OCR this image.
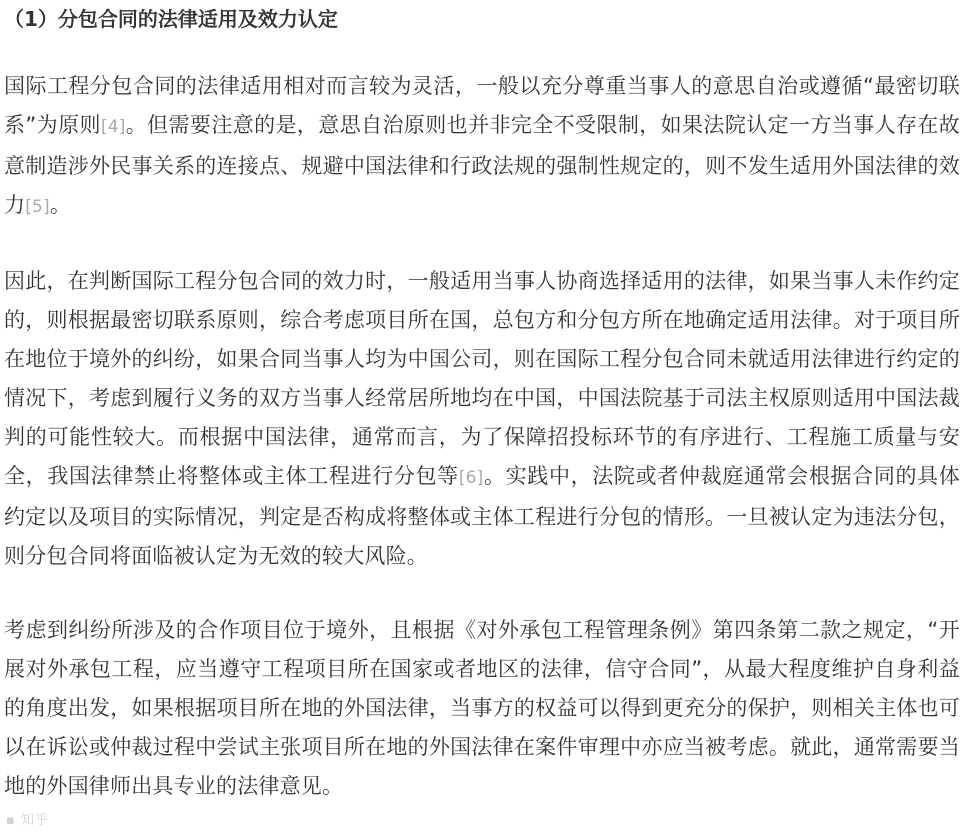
（1）分包合同的法律适用及效力认定

国际工程分包合同的法律适用相对而言较为灵活，一般以充分尊重当事人的意思自治或遵循“最密切联系”为原则[4]。但需要注意的是，意思自治原则也并非完全不受限制，如果法院认定一方当事人存在故意制造涉外民事关系的连接点、规避中国法律和行政法规的强制性规定的，则不发生适用外国法律的效力[5]。

因此，在判断国际工程分包合同的效力时，一般适用当事人协商选择适用的法律，如果当事人未作约定的，则根据最密切联系原则，综合考虑项目所在国，总包方和分包方所在地确定适用法律。对于项目所在地位于境外的纠纷，如果合同当事人均为中国公司，则在国际工程分包合同未就适用法律进行约定的情况下，考虑到履行义务的双方当事人经常居所地均在中国，中国法院基于司法主权原则适用中国法裁判的可能性较大。而根据中国法律，通常而言，为了保障招投标环节的有序进行、工程施工质量与安全，我国法律禁止将整体或主体工程进行分包等[6]。实践中，法院或者仲裁庭通常会根据合同的具体约定以及项目的实际情况，判定是否构成将整体或主体工程进行分包的情形。一旦被认定为违法分包，则分包合同将面临被认定为无效的较大风险。

考虑到纠纷所涉及的合作项目位于境外，且根据《对外承包工程管理条例》第四条第二款之规定，“开展对外承包工程，应当遵守工程项目所在国家或者地区的法律，信守合同”，从最大程度维护自身利益的角度出发，如果根据项目所在地的外国法律，当事方的权益可以得到更充分的保护，则相关主体也可以在诉讼或仲裁过程中尝试主张项目所在地的外国法律在案件审理中亦应当被考虑。就此，通常需要当地的外国律师出具专业的法律意见。

▪ 知乎
